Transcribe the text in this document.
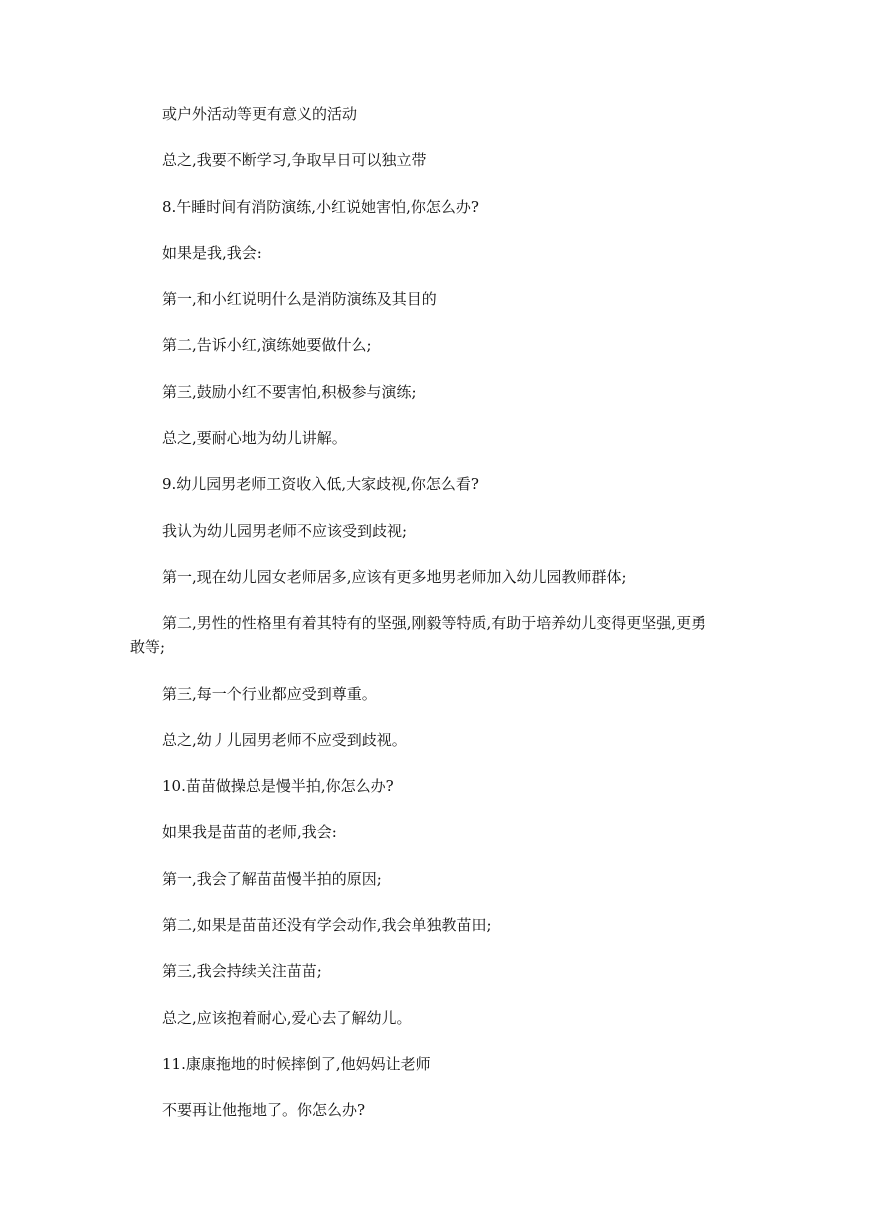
或户外活动等更有意义的活动

总之,我要不断学习,争取早日可以独立带

8.午睡时间有消防演练,小红说她害怕,你怎么办?

如果是我,我会:

第一,和小红说明什么是消防演练及其目的

第二,告诉小红,演练她要做什么;

第三,鼓励小红不要害怕,积极参与演练;

总之,要耐心地为幼儿讲解。

9.幼儿园男老师工资收入低,大家歧视,你怎么看?

我认为幼儿园男老师不应该受到歧视;

第一,现在幼儿园女老师居多,应该有更多地男老师加入幼儿园教师群体;

第二,男性的性格里有着其特有的坚强,刚毅等特质,有助于培养幼儿变得更坚强,更勇敢等;

第三,每一个行业都应受到尊重。

总之,幼丿儿园男老师不应受到歧视。

10.苗苗做操总是慢半拍,你怎么办?

如果我是苗苗的老师,我会:

第一,我会了解苗苗慢半拍的原因;

第二,如果是苗苗还没有学会动作,我会单独教苗田;

第三,我会持续关注苗苗;

总之,应该抱着耐心,爱心去了解幼儿。

11.康康拖地的时候摔倒了,他妈妈让老师

不要再让他拖地了。你怎么办?
